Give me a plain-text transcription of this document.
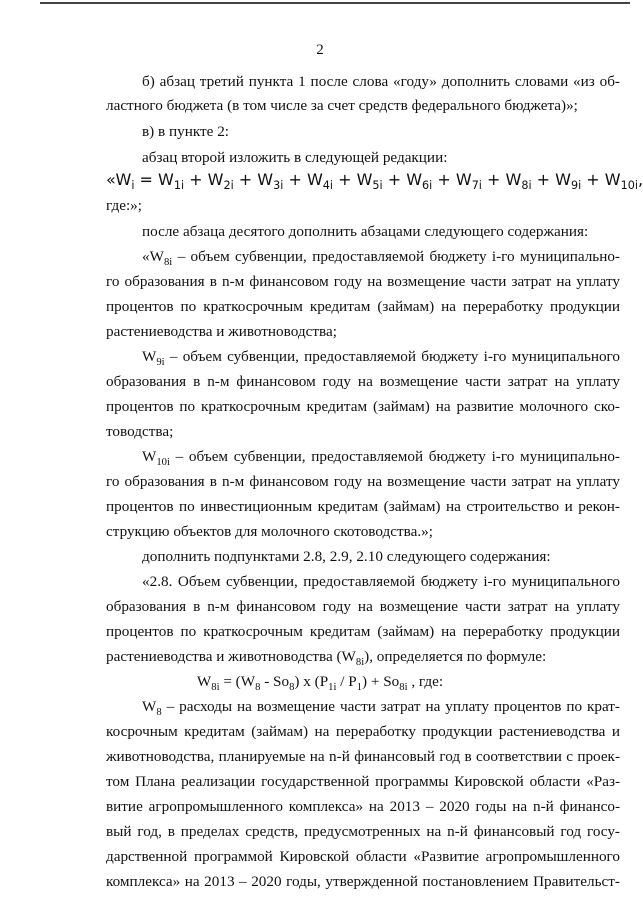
2
б) абзац третий пункта 1 после слова «году» дополнить словами «из об-
ластного бюджета (в том числе за счет средств федерального бюджета)»;
в) в пункте 2:
абзац второй изложить в следующей редакции:
«$W_i = W_{1i} + W_{2i} + W_{3i} + W_{4i} + W_{5i} + W_{6i} + W_{7i} + W_{8i} + W_{9i} + W_{10i}$,
где:»;
после абзаца десятого дополнить абзацами следующего содержания:
«$W_{8i}$ – объем субвенции, предоставляемой бюджету i-го муниципально-
го образования в n-м финансовом году на возмещение части затрат на уплату
процентов по краткосрочным кредитам (займам) на переработку продукции
растениеводства и животноводства;
$W_{9i}$ – объем субвенции, предоставляемой бюджету i-го муниципального
образования в n-м финансовом году на возмещение части затрат на уплату
процентов по краткосрочным кредитам (займам) на развитие молочного ско-
товодства;
$W_{10i}$ – объем субвенции, предоставляемой бюджету i-го муниципально-
го образования в n-м финансовом году на возмещение части затрат на уплату
процентов по инвестиционным кредитам (займам) на строительство и рекон-
струкцию объектов для молочного скотоводства.»;
дополнить подпунктами 2.8, 2.9, 2.10 следующего содержания:
«2.8. Объем субвенции, предоставляемой бюджету i-го муниципального
образования в n-м финансовом году на возмещение части затрат на уплату
процентов по краткосрочным кредитам (займам) на переработку продукции
растениеводства и животноводства $(W_{8i})$, определяется по формуле:
$W_{8i} = (W_8 - So_8)$ x $(P_{1i} / P_1) + So_{8i}$ , где:
$W_8$ – расходы на возмещение части затрат на уплату процентов по крат-
косрочным кредитам (займам) на переработку продукции растениеводства и
животноводства, планируемые на n-й финансовый год в соответствии с проек-
том Плана реализации государственной программы Кировской области «Раз-
витие агропромышленного комплекса» на 2013 – 2020 годы на n-й финансо-
вый год, в пределах средств, предусмотренных на n-й финансовый год госу-
дарственной программой Кировской области «Развитие агропромышленного
комплекса» на 2013 – 2020 годы, утвержденной постановлением Правительст-
